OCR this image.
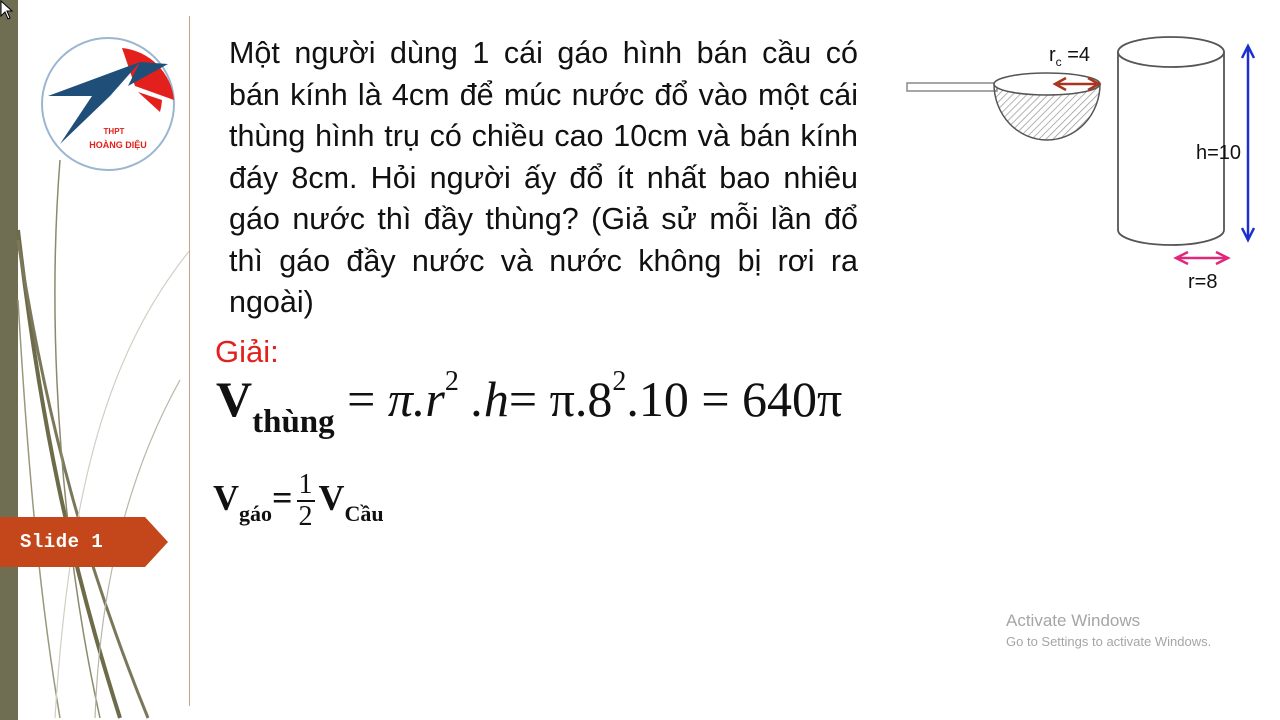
THPT
HOÀNG DIỆU
Slide 1
Một người dùng 1 cái gáo hình bán cầu có bán kính là 4cm để múc nước đổ vào một cái thùng hình trụ có chiều cao 10cm và bán kính đáy 8cm. Hỏi người ấy đổ ít nhất bao nhiêu gáo nước thì đầy thùng? (Giả sử mỗi lần đổ thì gáo đầy nước và nước không bị rơi ra ngoài)
Giải:
$V_{thùng} = \pi.r^2$ $.h= \pi.8^2.10 = 640\pi$
$V_{gáo}= \frac{1}{2} V_{Cầu}$
$r_c =4$
h=10
r=8
Activate Windows
Go to Settings to activate Windows.
